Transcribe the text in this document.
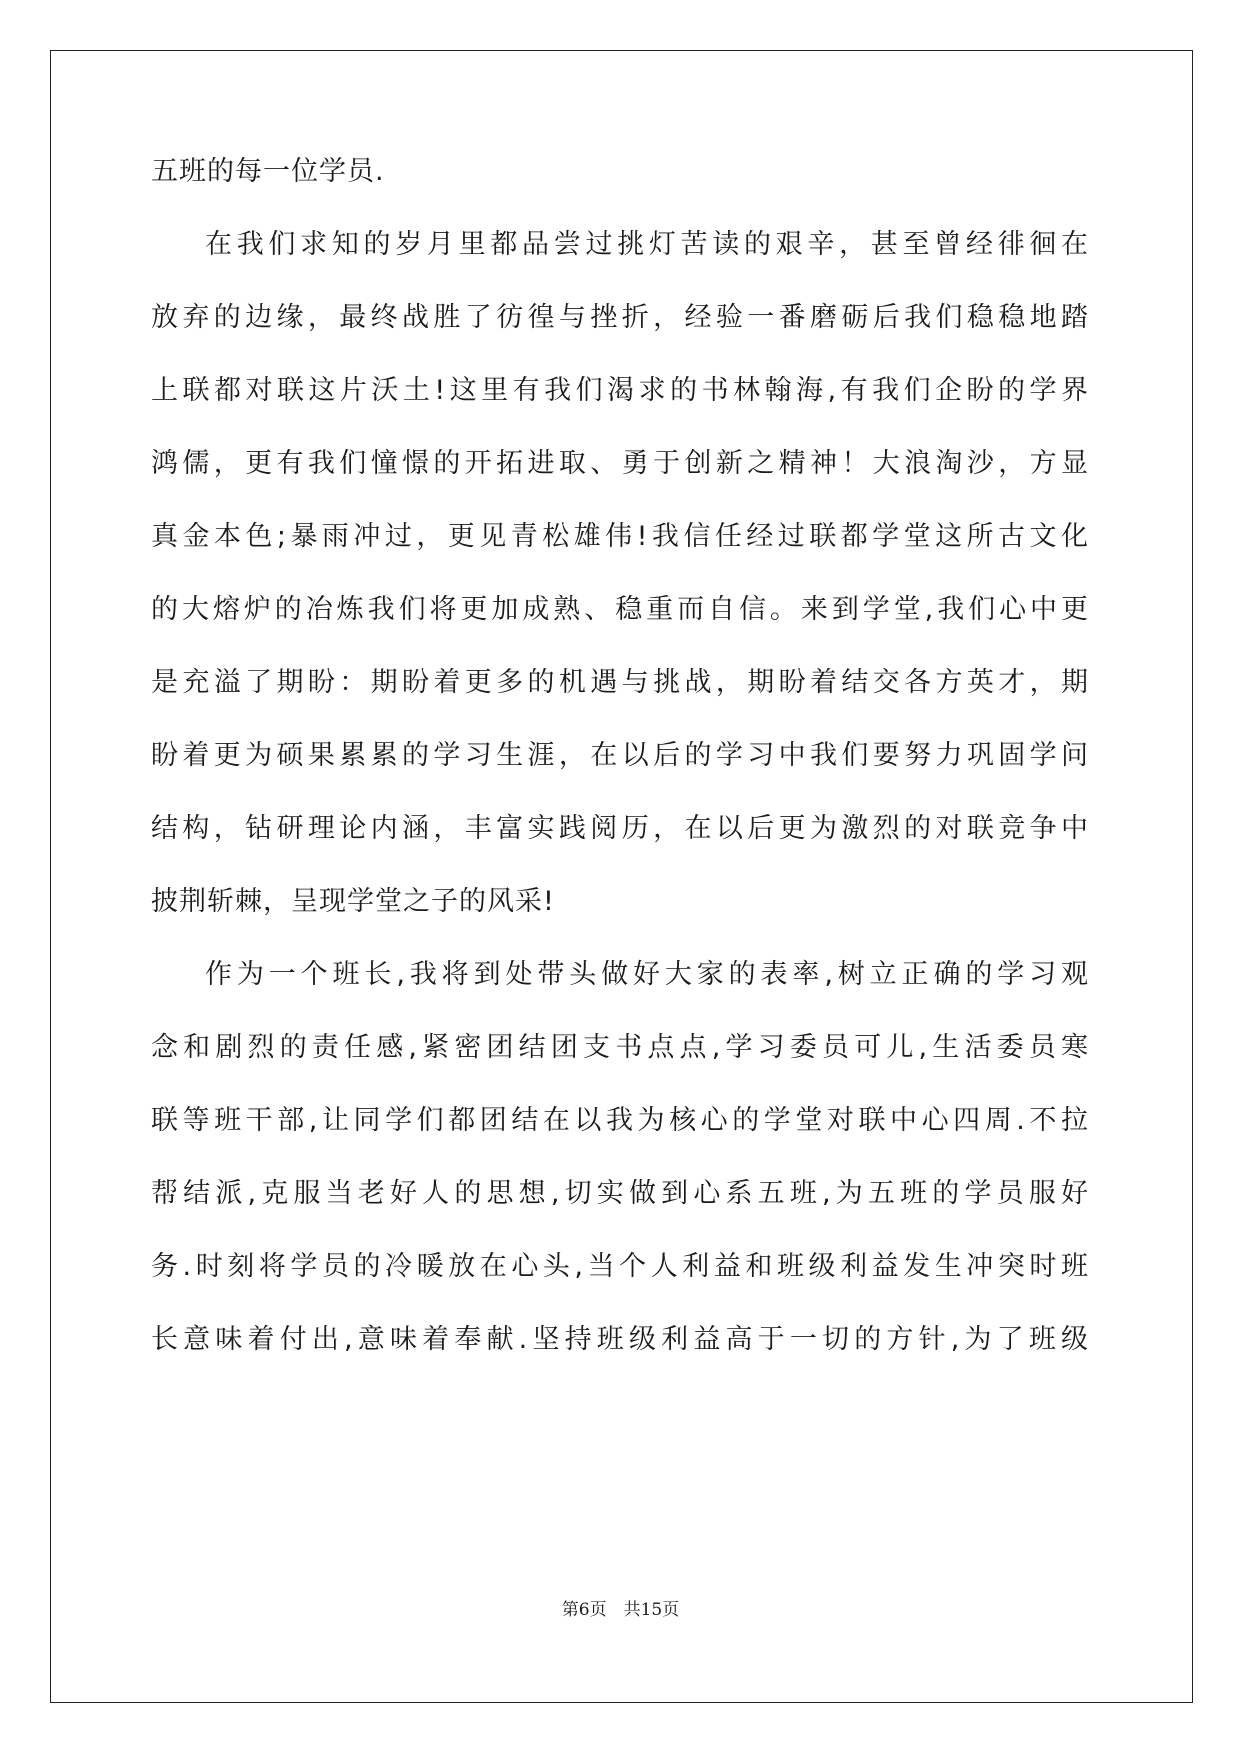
五班的每一位学员.
在我们求知的岁月里都品尝过挑灯苦读的艰辛，甚至曾经徘徊在
放弃的边缘，最终战胜了彷徨与挫折，经验一番磨砺后我们稳稳地踏
上联都对联这片沃土!这里有我们渴求的书林翰海,有我们企盼的学界
鸿儒，更有我们憧憬的开拓进取、勇于创新之精神！大浪淘沙，方显
真金本色;暴雨冲过，更见青松雄伟!我信任经过联都学堂这所古文化
的大熔炉的冶炼我们将更加成熟、稳重而自信。来到学堂,我们心中更
是充溢了期盼：期盼着更多的机遇与挑战，期盼着结交各方英才，期
盼着更为硕果累累的学习生涯，在以后的学习中我们要努力巩固学问
结构，钻研理论内涵，丰富实践阅历，在以后更为激烈的对联竞争中
披荆斩棘，呈现学堂之子的风采!
作为一个班长,我将到处带头做好大家的表率,树立正确的学习观
念和剧烈的责任感,紧密团结团支书点点,学习委员可儿,生活委员寒
联等班干部,让同学们都团结在以我为核心的学堂对联中心四周.不拉
帮结派,克服当老好人的思想,切实做到心系五班,为五班的学员服好
务.时刻将学员的冷暖放在心头,当个人利益和班级利益发生冲突时班
长意味着付出,意味着奉献.坚持班级利益高于一切的方针,为了班级
第6页　共15页
